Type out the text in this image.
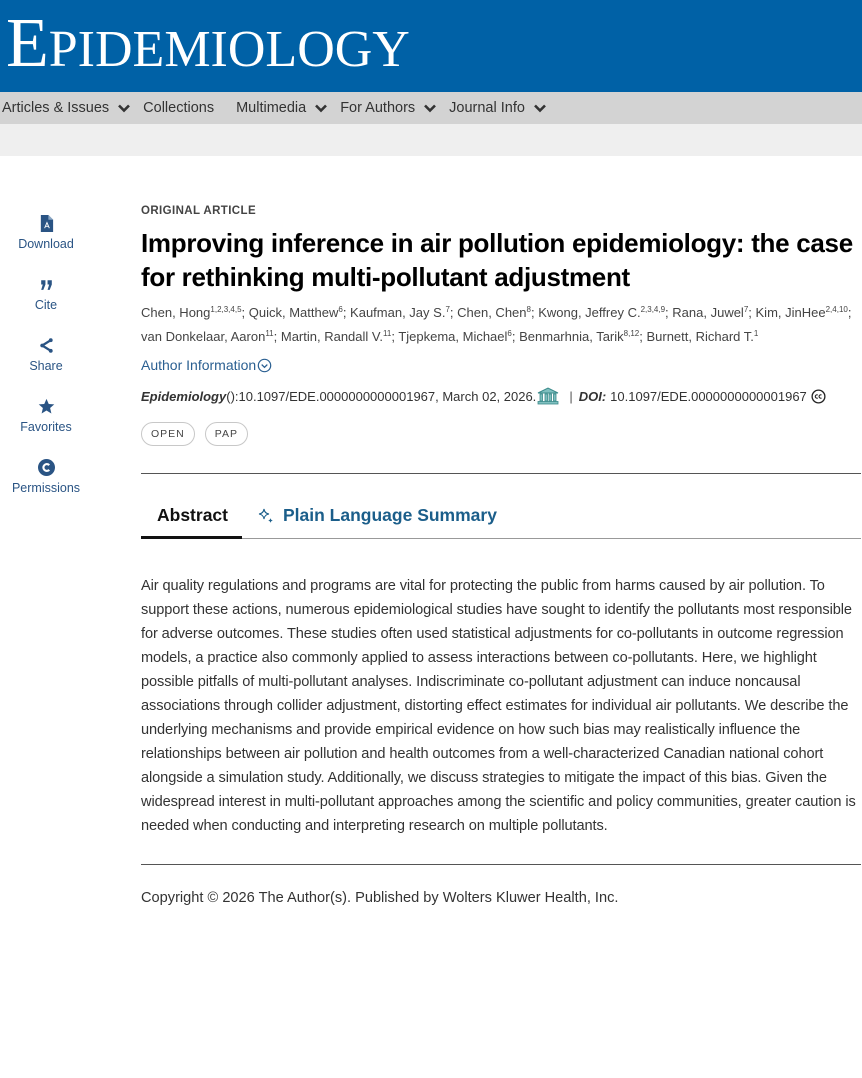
EPIDEMIOLOGY
Articles & Issues Collections Multimedia For Authors Journal Info
Download
Cite
Share
Favorites
Permissions
ORIGINAL ARTICLE
Improving inference in air pollution epidemiology: the case for rethinking multi-pollutant adjustment
Chen, Hong$^{1,2,3,4,5}$; Quick, Matthew$^6$; Kaufman, Jay S.$^7$; Chen, Chen$^8$; Kwong, Jeffrey C.$^{2,3,4,9}$; Rana, Juwel$^7$; Kim, JinHee$^{2,4,10}$; van Donkelaar, Aaron$^{11}$; Martin, Randall V.$^{11}$; Tjepkema, Michael$^6$; Benmarhnia, Tarik$^{8,12}$; Burnett, Richard T.$^1$
Author Information
Epidemiology ():10.1097/EDE.0000000000001967, March 02, 2026.	| DOI: 10.1097/EDE.0000000000001967
OPEN	PAP
Abstract	Plain Language Summary

Air quality regulations and programs are vital for protecting the public from harms caused by air pollution. To support these actions, numerous epidemiological studies have sought to identify the pollutants most responsible for adverse outcomes. These studies often used statistical adjustments for co-pollutants in outcome regression models, a practice also commonly applied to assess interactions between co-pollutants. Here, we highlight possible pitfalls of multi-pollutant analyses. Indiscriminate co-pollutant adjustment can induce noncausal associations through collider adjustment, distorting effect estimates for individual air pollutants. We describe the underlying mechanisms and provide empirical evidence on how such bias may realistically influence the relationships between air pollution and health outcomes from a well-characterized Canadian national cohort alongside a simulation study. Additionally, we discuss strategies to mitigate the impact of this bias. Given the widespread interest in multi-pollutant approaches among the scientific and policy communities, greater caution is needed when conducting and interpreting research on multiple pollutants.

Copyright © 2026 The Author(s). Published by Wolters Kluwer Health, Inc.
